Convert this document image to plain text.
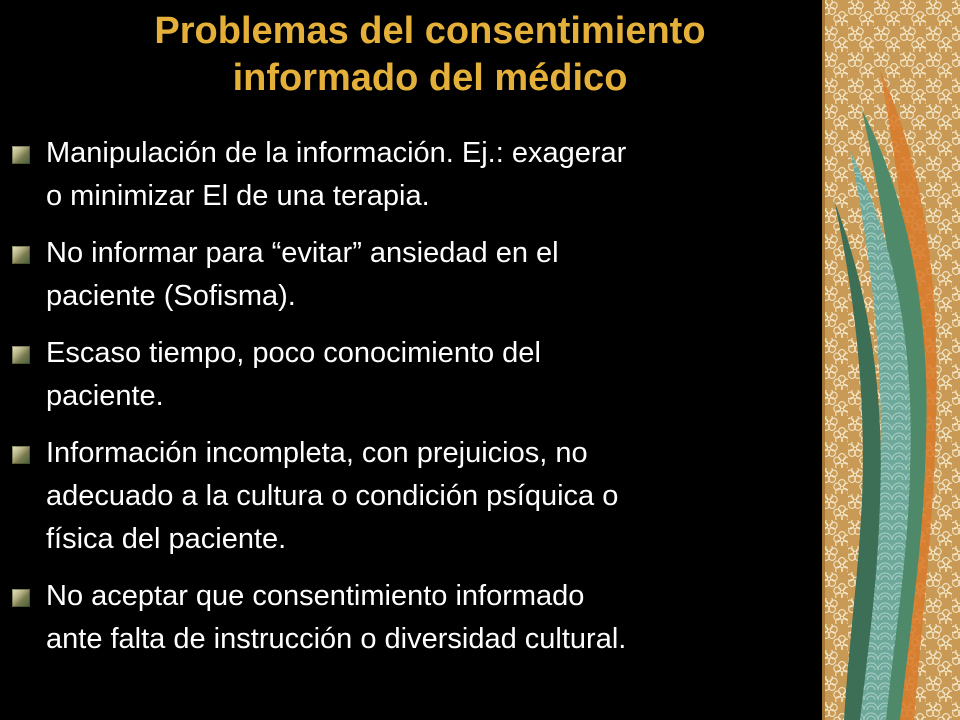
Problemas del consentimiento
informado del médico
Manipulación de la información. Ej.: exagerar
o minimizar El de una terapia.
No informar para “evitar” ansiedad en el
paciente (Sofisma).
Escaso tiempo, poco conocimiento del
paciente.
Información incompleta, con prejuicios, no
adecuado a la cultura o condición psíquica o
física del paciente.
No aceptar que consentimiento informado
ante falta de instrucción o diversidad cultural.
